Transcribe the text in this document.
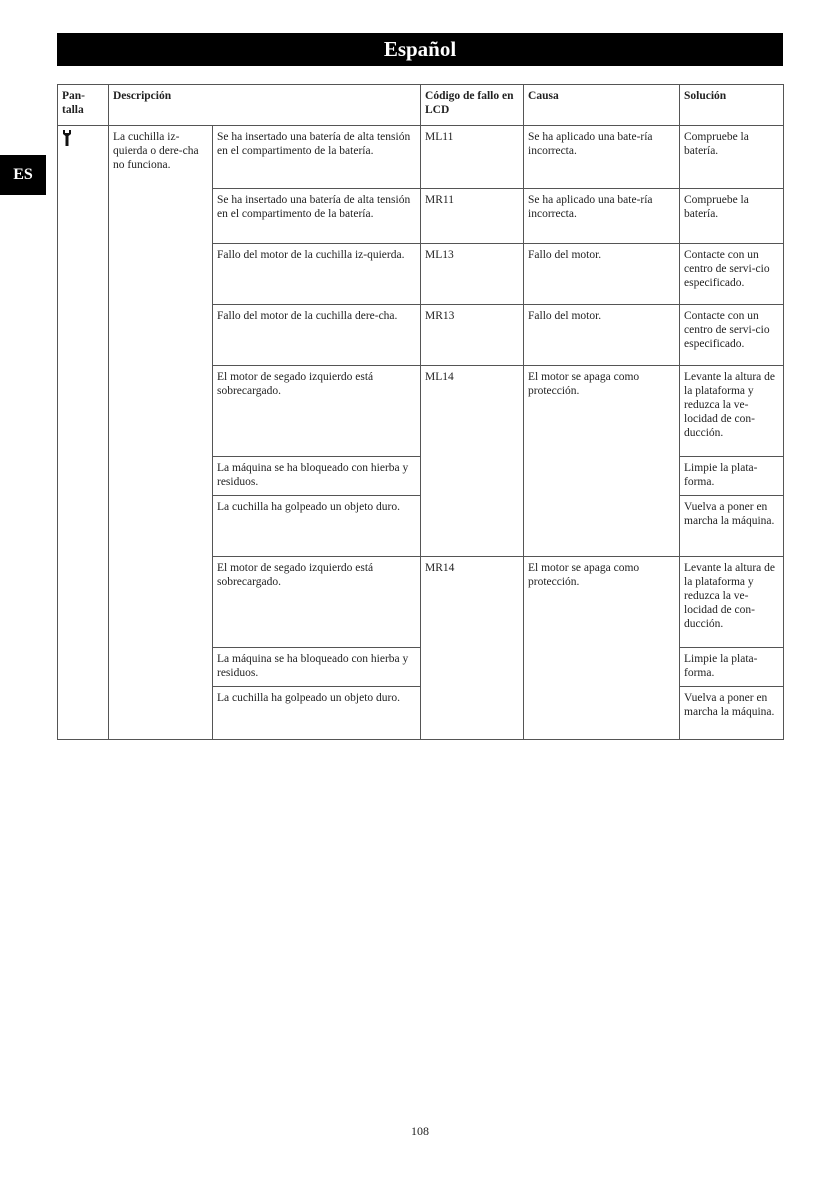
Español
ES
Pan-
talla	Descripción		Código de fallo en LCD	Causa	Solución

	La cuchilla iz-quierda o dere-cha no funciona.	Se ha insertado una batería de alta tensión en el compartimento de la batería.	ML11	Se ha aplicado una bate-ría incorrecta.	Compruebe la batería.
		Se ha insertado una batería de alta tensión en el compartimento de la batería.	MR11	Se ha aplicado una bate-ría incorrecta.	Compruebe la batería.
		Fallo del motor de la cuchilla iz-quierda.	ML13	Fallo del motor.	Contacte con un centro de servi-cio especificado.
		Fallo del motor de la cuchilla dere-cha.	MR13	Fallo del motor.	Contacte con un centro de servi-cio especificado.
		El motor de segado izquierdo está sobrecargado.	ML14	El motor se apaga como protección.	Levante la altura de la plataforma y reduzca la ve-locidad de con-ducción.
		La máquina se ha bloqueado con hierba y residuos.			Limpie la plata-forma.
		La cuchilla ha golpeado un objeto duro.			Vuelva a poner en marcha la máquina.
		El motor de segado izquierdo está sobrecargado.	MR14	El motor se apaga como protección.	Levante la altura de la plataforma y reduzca la ve-locidad de con-ducción.
		La máquina se ha bloqueado con hierba y residuos.			Limpie la plata-forma.
		La cuchilla ha golpeado un objeto duro.			Vuelva a poner en marcha la máquina.
108
